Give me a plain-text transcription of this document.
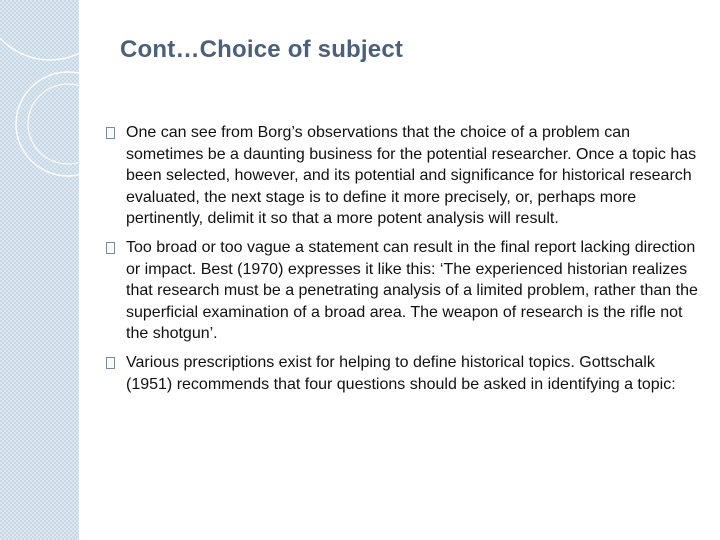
Cont…Choice of subject

One can see from Borg’s observations that the choice of a problem can sometimes be a daunting business for the potential researcher. Once a topic has been selected, however, and its potential and significance for historical research evaluated, the next stage is to define it more precisely, or, perhaps more pertinently, delimit it so that a more potent analysis will result.

Too broad or too vague a statement can result in the final report lacking direction or impact. Best (1970) expresses it like this: ‘The experienced historian realizes that research must be a penetrating analysis of a limited problem, rather than the superficial examination of a broad area. The weapon of research is the rifle not the shotgun’.

Various prescriptions exist for helping to define historical topics. Gottschalk (1951) recommends that four questions should be asked in identifying a topic:
